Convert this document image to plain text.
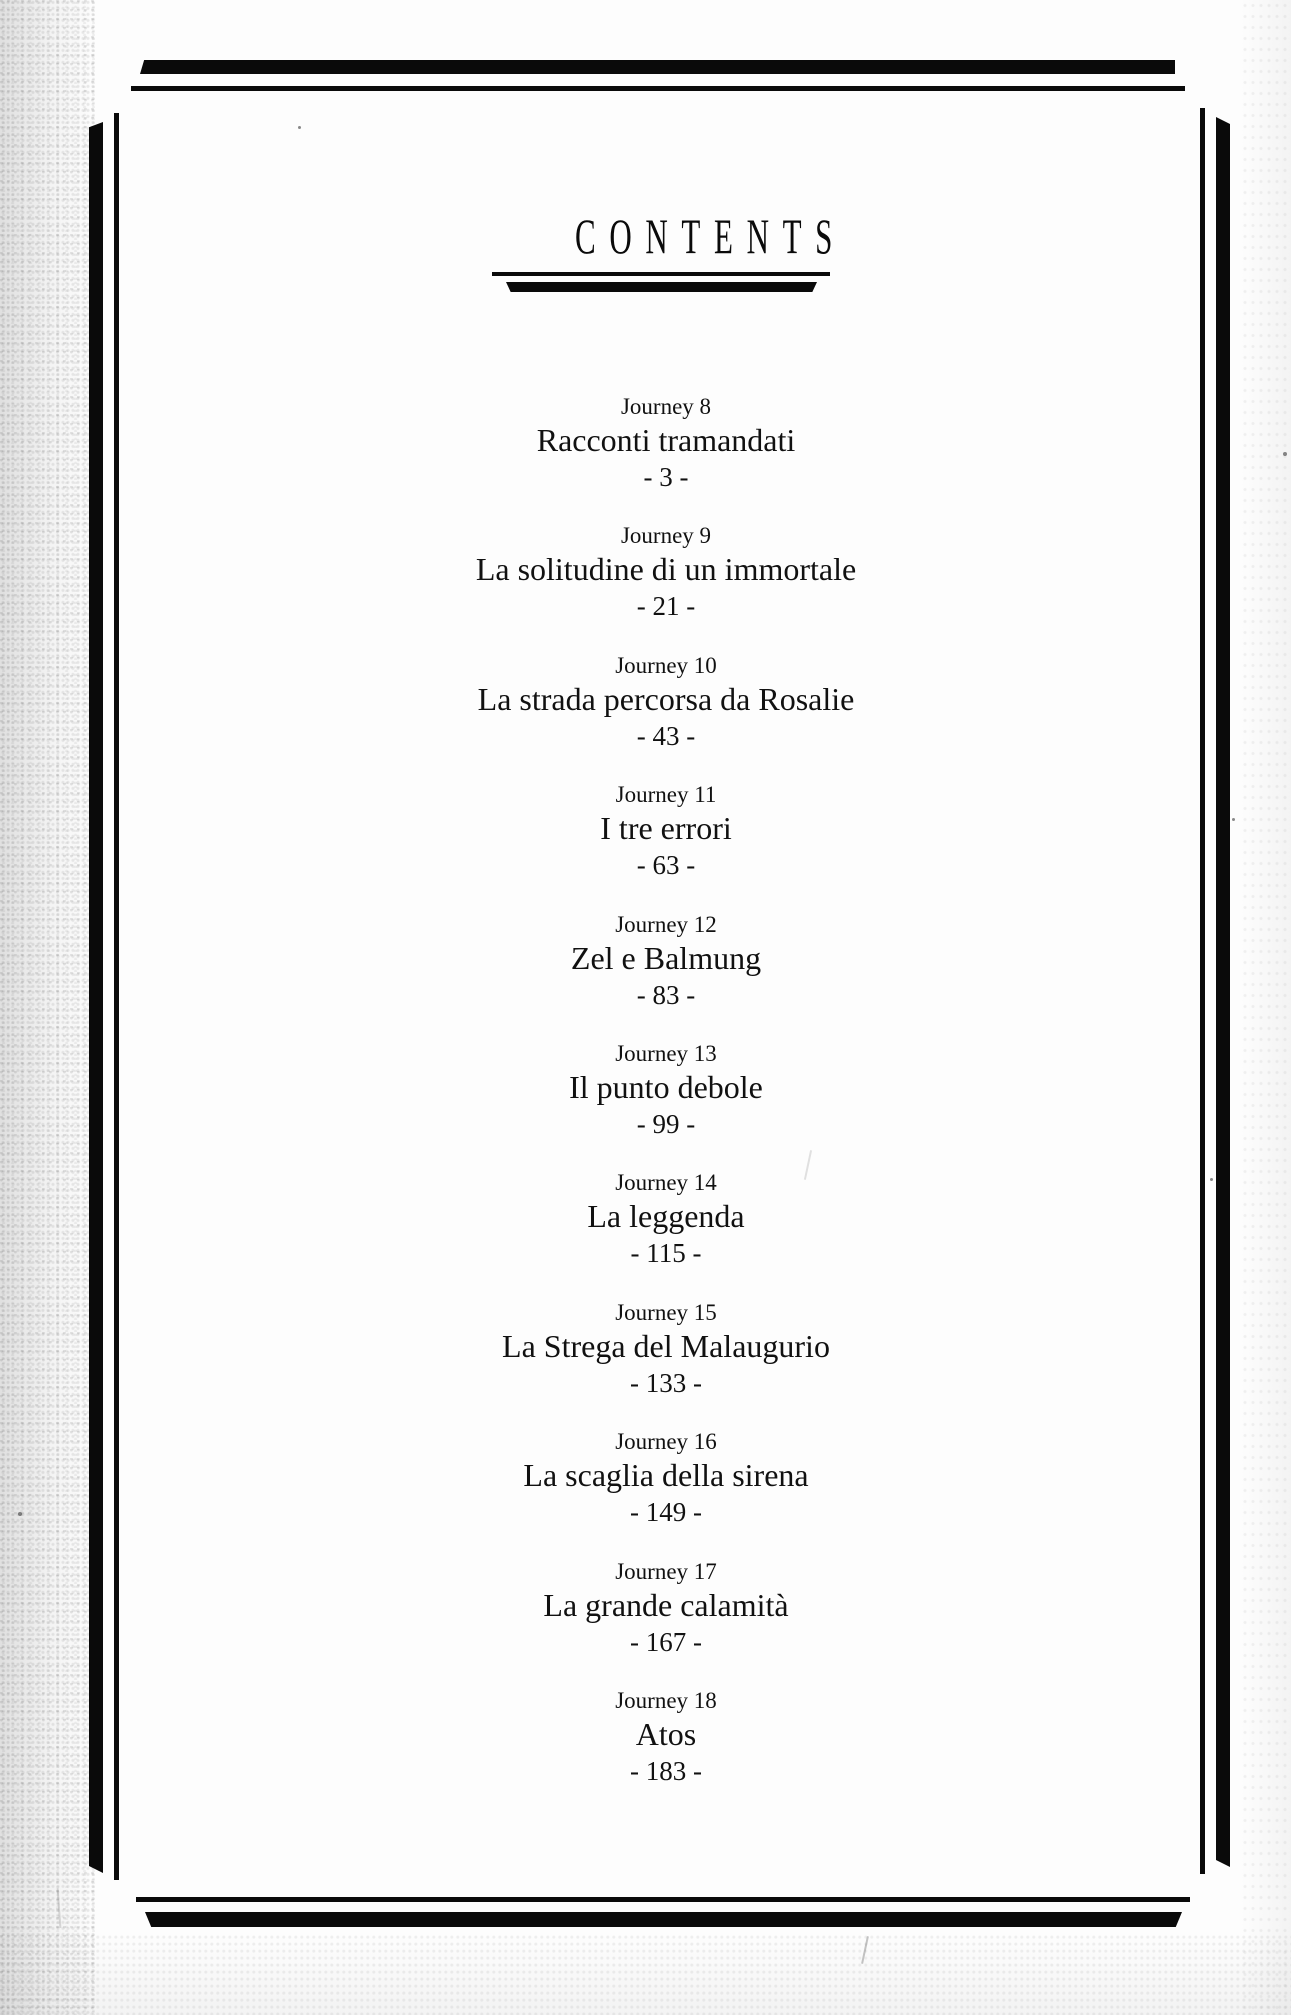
CONTENTS
Journey 8
Racconti tramandati
- 3 -
Journey 9
La solitudine di un immortale
- 21 -
Journey 10
La strada percorsa da Rosalie
- 43 -
Journey 11
I tre errori
- 63 -
Journey 12
Zel e Balmung
- 83 -
Journey 13
Il punto debole
- 99 -
Journey 14
La leggenda
- 115 -
Journey 15
La Strega del Malaugurio
- 133 -
Journey 16
La scaglia della sirena
- 149 -
Journey 17
La grande calamità
- 167 -
Journey 18
Atos
- 183 -
